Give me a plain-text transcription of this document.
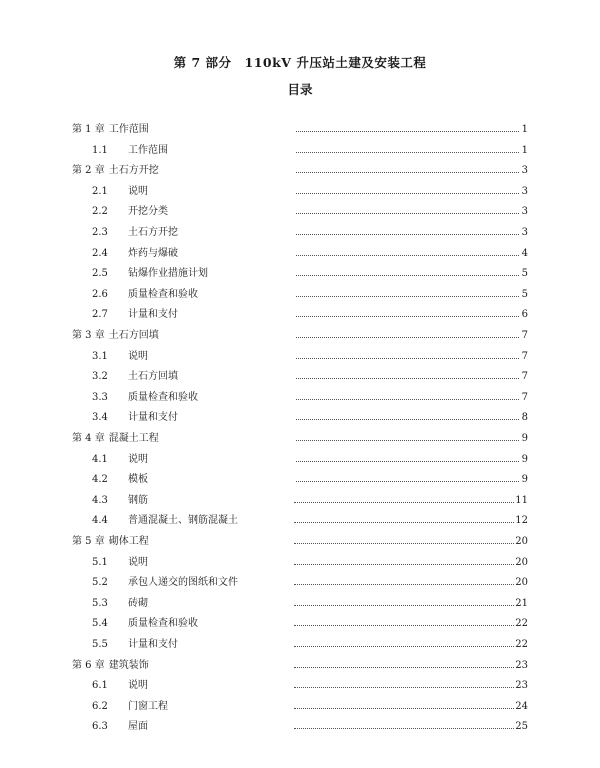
第 7 部分　110kV 升压站土建及安装工程
目录
第 1 章 工作范围	1
1.1	工作范围	1
第 2 章 土石方开挖	3
2.1	说明	3
2.2	开挖分类	3
2.3	土石方开挖	3
2.4	炸药与爆破	4
2.5	钻爆作业措施计划	5
2.6	质量检查和验收	5
2.7	计量和支付	6
第 3 章 土石方回填	7
3.1	说明	7
3.2	土石方回填	7
3.3	质量检查和验收	7
3.4	计量和支付	8
第 4 章 混凝土工程	9
4.1	说明	9
4.2	模板	9
4.3	钢筋	11
4.4	普通混凝土、钢筋混凝土	12
第 5 章 砌体工程	20
5.1	说明	20
5.2	承包人递交的图纸和文件	20
5.3	砖砌	21
5.4	质量检查和验收	22
5.5	计量和支付	22
第 6 章 建筑装饰	23
6.1	说明	23
6.2	门窗工程	24
6.3	屋面	25
